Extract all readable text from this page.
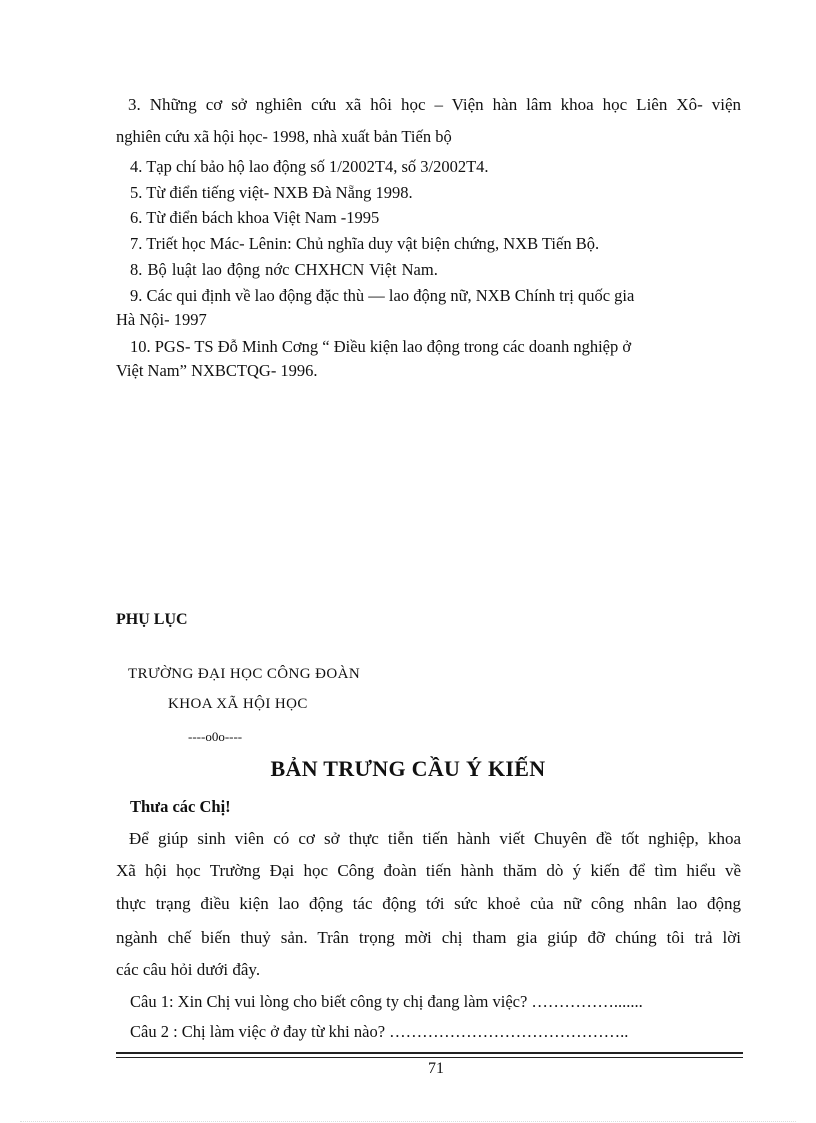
3. Những cơ sở nghiên cứu xã hôi học – Viện hàn lâm khoa học Liên Xô- viện
nghiên cứu xã hội học- 1998, nhà xuất bản Tiến bộ
4. Tạp chí bảo hộ lao động số 1/2002T4, số 3/2002T4.
5. Từ điển tiếng việt- NXB Đà Nẵng 1998.
6. Từ điển bách khoa Việt Nam -1995
7. Triết học Mác- Lênin: Chủ nghĩa duy vật biện chứng, NXB Tiến Bộ.
8. Bộ luật lao động nớc CHXHCN Việt Nam.
9. Các qui định về lao động đặc thù — lao động nữ, NXB Chính trị quốc gia
Hà Nội- 1997
10. PGS- TS Đỗ Minh Cơng “ Điều kiện lao động trong các doanh nghiệp ở
Việt Nam” NXBCTQG- 1996.
PHỤ LỤC
TRƯỜNG ĐẠI HỌC CÔNG ĐOÀN
KHOA XÃ HỘI HỌC
----o0o----
BẢN TRƯNG CẦU Ý KIẾN
Thưa các Chị!
Để giúp sinh viên có cơ sở thực tiễn tiến hành viết Chuyên đề tốt nghiệp, khoa
Xã hội học Trường Đại học Công đoàn tiến hành thăm dò ý kiến để tìm hiểu về
thực trạng điều kiện lao động tác động tới sức khoẻ của nữ công nhân lao động
ngành chế biến thuỷ sản. Trân trọng mời chị tham gia giúp đỡ chúng tôi trả lời
các câu hỏi dưới đây.
Câu 1: Xin Chị vui lòng cho biết công ty chị đang làm việc? …………….......
Câu 2 : Chị làm việc ở đay từ khi nào? ……………………………………..
71
